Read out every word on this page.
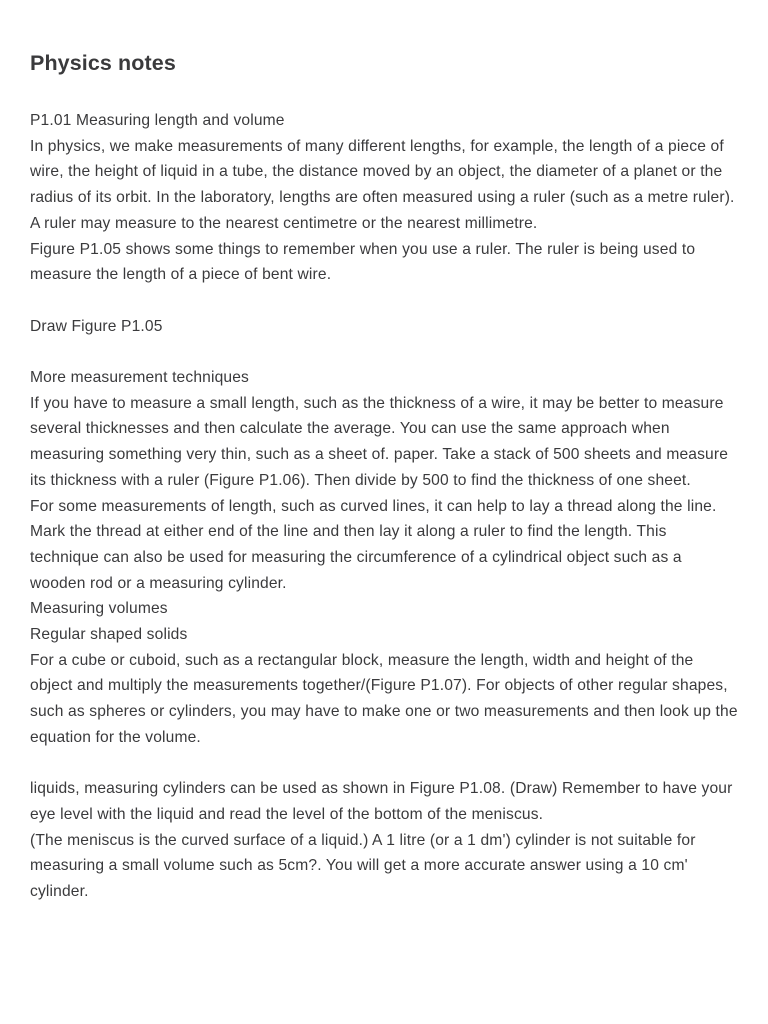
Physics notes

P1.01 Measuring length and volume

In physics, we make measurements of many different lengths, for example, the length of a piece of wire, the height of liquid in a tube, the distance moved by an object, the diameter of a planet or the radius of its orbit. In the laboratory, lengths are often measured using a ruler (such as a metre ruler).

A ruler may measure to the nearest centimetre or the nearest millimetre.

Figure P1.05 shows some things to remember when you use a ruler. The ruler is being used to measure the length of a piece of bent wire.

Draw Figure P1.05

More measurement techniques

If you have to measure a small length, such as the thickness of a wire, it may be better to measure several thicknesses and then calculate the average. You can use the same approach when measuring something very thin, such as a sheet of. paper. Take a stack of 500 sheets and measure its thickness with a ruler (Figure P1.06). Then divide by 500 to find the thickness of one sheet.

For some measurements of length, such as curved lines, it can help to lay a thread along the line. Mark the thread at either end of the line and then lay it along a ruler to find the length. This technique can also be used for measuring the circumference of a cylindrical object such as a wooden rod or a measuring cylinder.

Measuring volumes

Regular shaped solids

For a cube or cuboid, such as a rectangular block, measure the length, width and height of the object and multiply the measurements together/(Figure P1.07). For objects of other regular shapes, such as spheres or cylinders, you may have to make one or two measurements and then look up the equation for the volume.

liquids, measuring cylinders can be used as shown in Figure P1.08. (Draw) Remember to have your eye level with the liquid and read the level of the bottom of the meniscus.

(The meniscus is the curved surface of a liquid.) A 1 litre (or a 1 dm') cylinder is not suitable for measuring a small volume such as 5cm?. You will get a more accurate answer using a 10 cm' cylinder.
